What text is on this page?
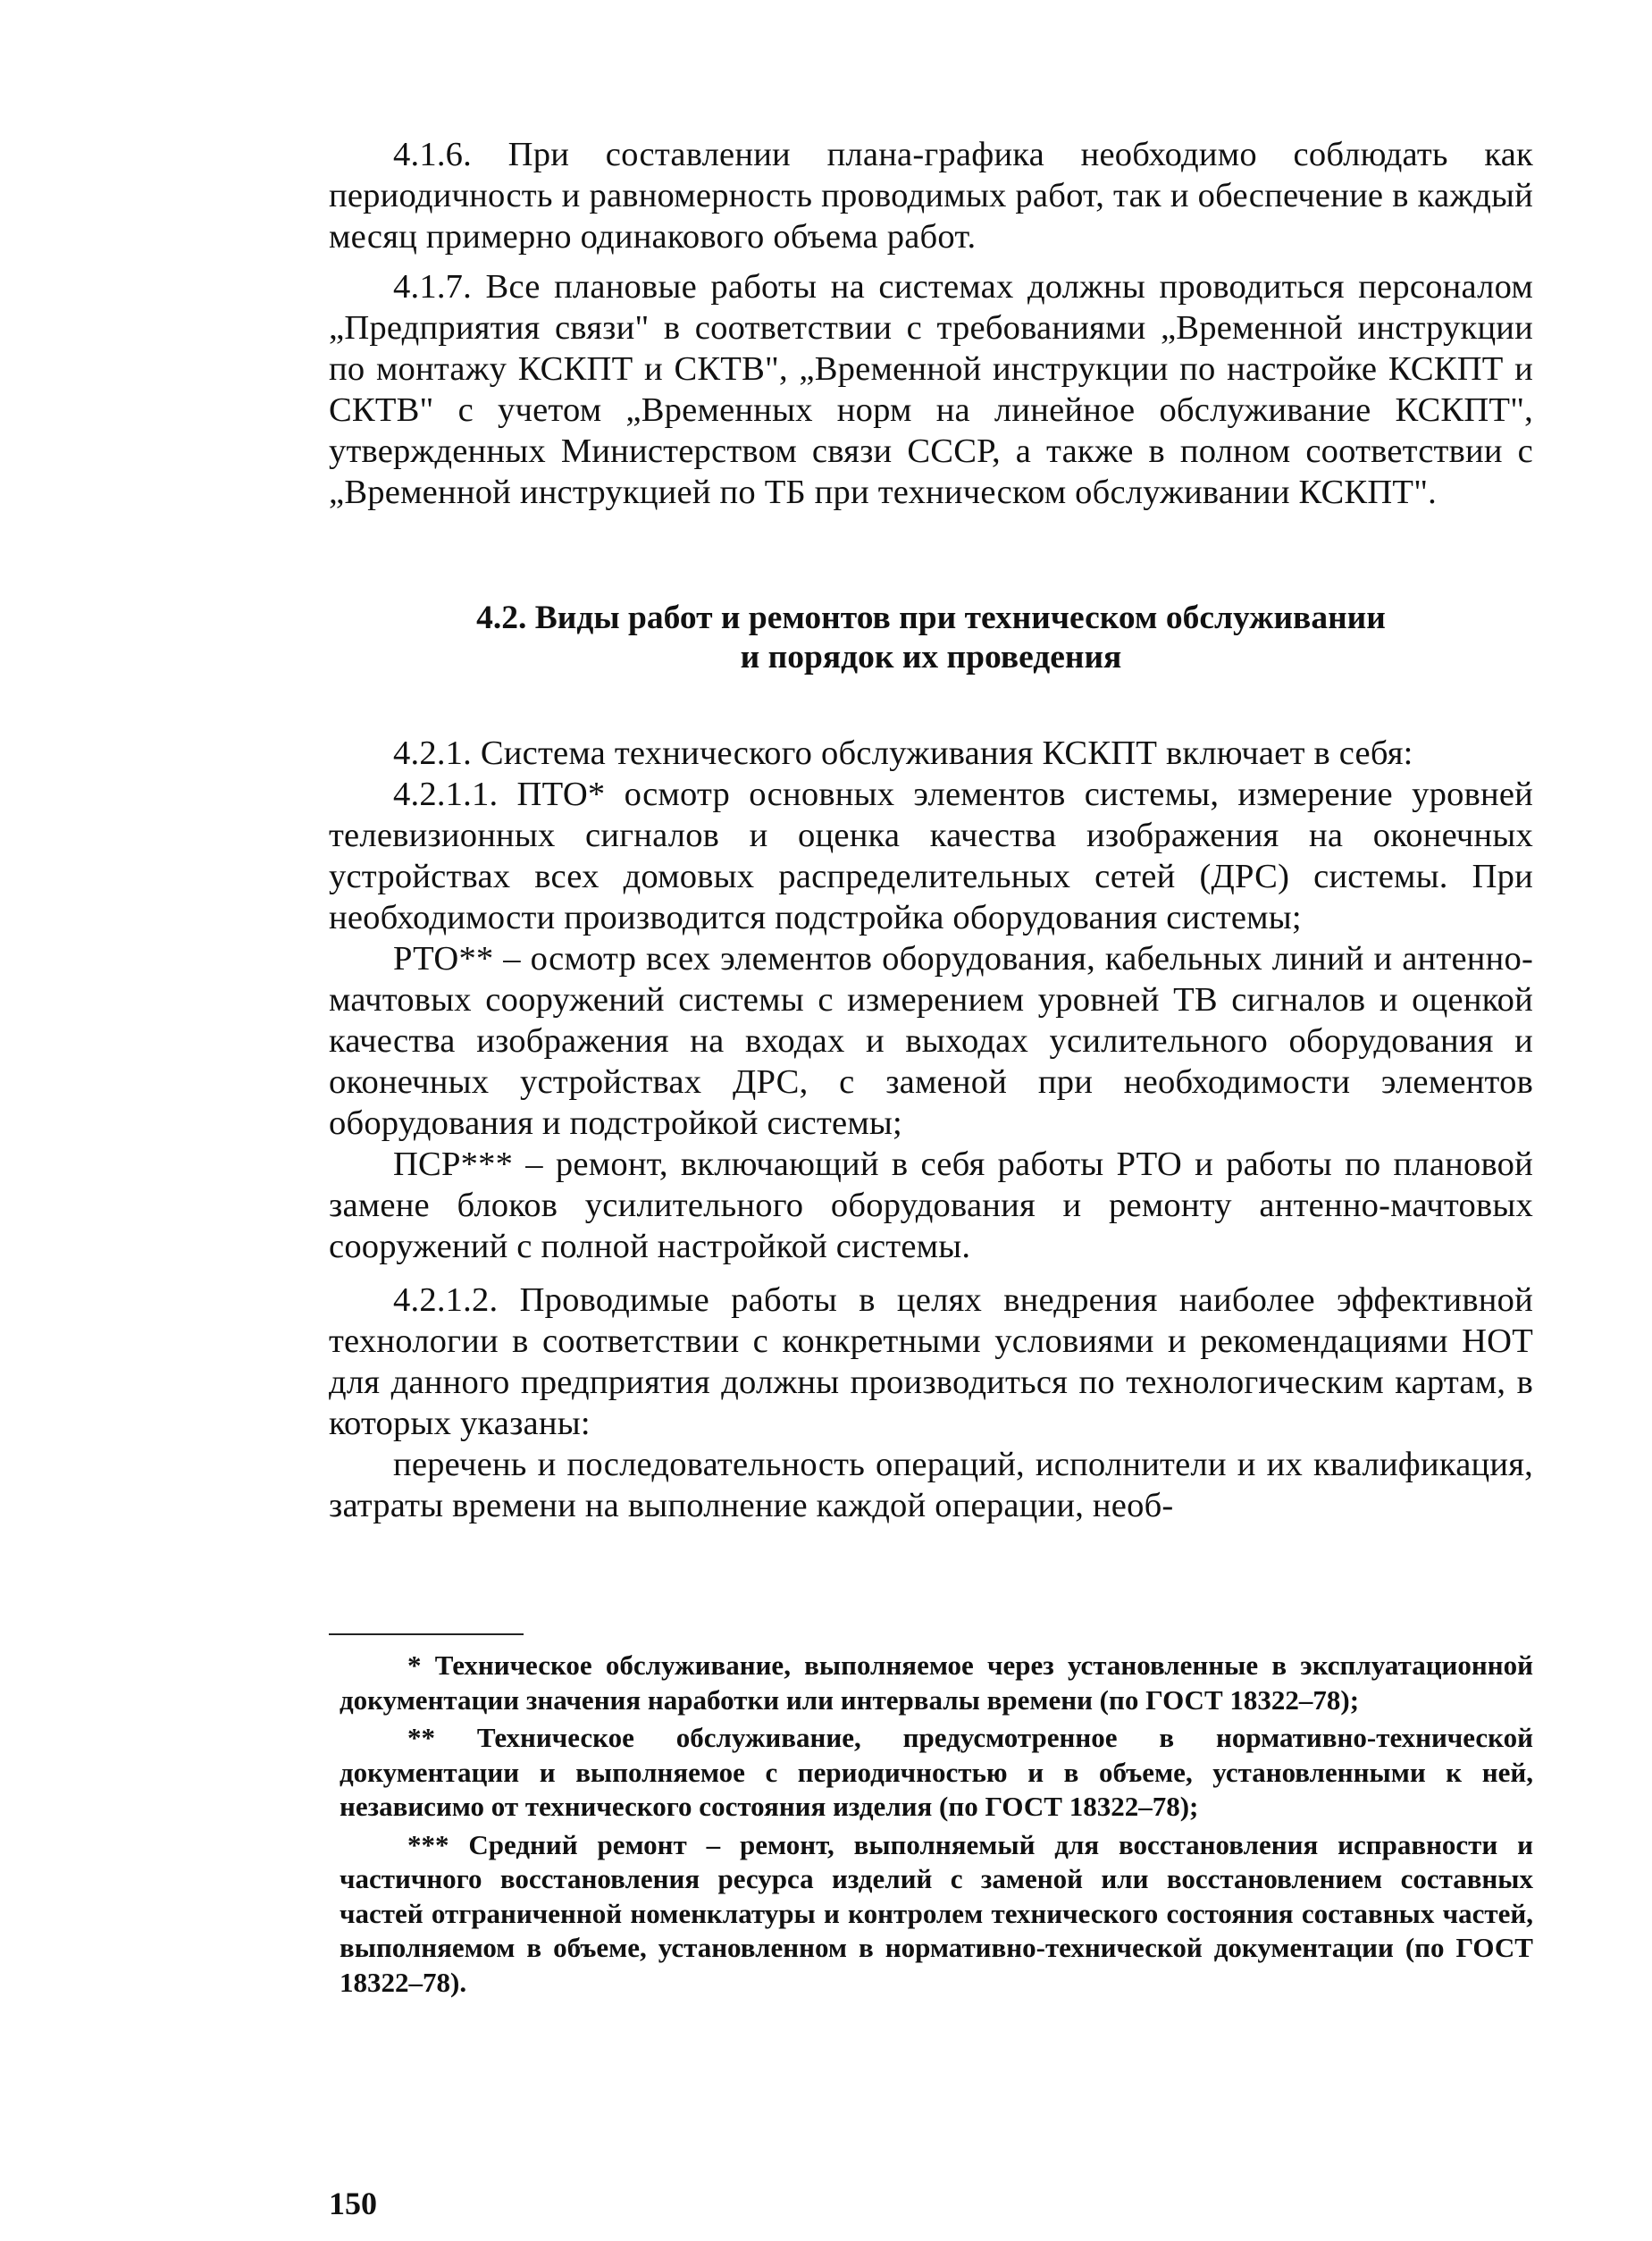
4.1.6. При составлении плана-графика необходимо соблюдать как периодичность и равномерность проводимых работ, так и обеспечение в каждый месяц примерно одинакового объема работ.

4.1.7. Все плановые работы на системах должны проводиться персоналом „Предприятия связи" в соответствии с требованиями „Временной инструкции по монтажу КСКПТ и СКТВ", „Временной инструкции по настройке КСКПТ и СКТВ" с учетом „Временных норм на линейное обслуживание КСКПТ", утвержденных Министерством связи СССР, а также в полном соответствии с „Временной инструкцией по ТБ при техническом обслуживании КСКПТ".

4.2. Виды работ и ремонтов при техническом обслуживании
и порядок их проведения

4.2.1. Система технического обслуживания КСКПТ включает в себя:

4.2.1.1. ПТО* осмотр основных элементов системы, измерение уровней телевизионных сигналов и оценка качества изображения на оконечных устройствах всех домовых распределительных сетей (ДРС) системы. При необходимости производится подстройка оборудования системы;

РТО** – осмотр всех элементов оборудования, кабельных линий и антенно-мачтовых сооружений системы с измерением уровней ТВ сигналов и оценкой качества изображения на входах и выходах усилительного оборудования и оконечных устройствах ДРС, с заменой при необходимости элементов оборудования и подстройкой системы;

ПСР*** – ремонт, включающий в себя работы РТО и работы по плановой замене блоков усилительного оборудования и ремонту антенно-мачтовых сооружений с полной настройкой системы.

4.2.1.2. Проводимые работы в целях внедрения наиболее эффективной технологии в соответствии с конкретными условиями и рекомендациями НОТ для данного предприятия должны производиться по технологическим картам, в которых указаны:

перечень и последовательность операций, исполнители и их квалификация, затраты времени на выполнение каждой операции, необ-

* Техническое обслуживание, выполняемое через установленные в эксплуатационной документации значения наработки или интервалы времени (по ГОСТ 18322–78);

** Техническое обслуживание, предусмотренное в нормативно-технической документации и выполняемое с периодичностью и в объеме, установленными к ней, независимо от технического состояния изделия (по ГОСТ 18322–78);

*** Средний ремонт – ремонт, выполняемый для восстановления исправности и частичного восстановления ресурса изделий с заменой или восстановлением составных частей отграниченной номенклатуры и контролем технического состояния составных частей, выполняемом в объеме, установленном в нормативно-технической документации (по ГОСТ 18322–78).

150
